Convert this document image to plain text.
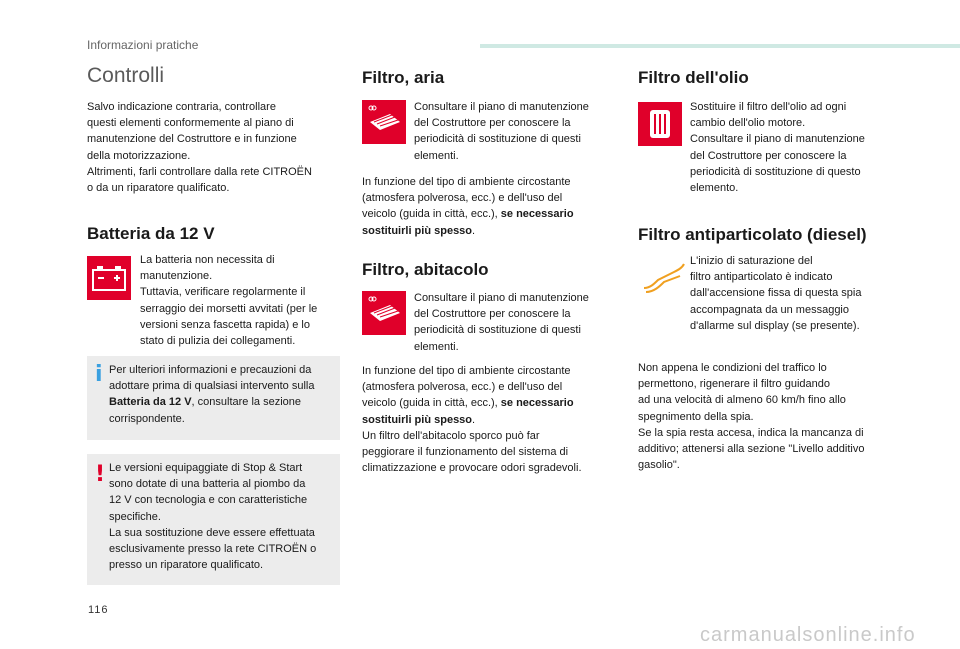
Informazioni pratiche
Controlli
Salvo indicazione contraria, controllare
questi elementi conformemente al piano di
manutenzione del Costruttore e in funzione
della motorizzazione.
Altrimenti, farli controllare dalla rete CITROËN
o da un riparatore qualificato.
Batteria da 12 V
La batteria non necessita di
manutenzione.
Tuttavia, verificare regolarmente il
serraggio dei morsetti avvitati (per le
versioni senza fascetta rapida) e lo
stato di pulizia dei collegamenti.
i Per ulteriori informazioni e precauzioni da
adottare prima di qualsiasi intervento sulla
Batteria da 12 V, consultare la sezione
corrispondente.
! Le versioni equipaggiate di Stop & Start
sono dotate di una batteria al piombo da
12 V con tecnologia e con caratteristiche
specifiche.
La sua sostituzione deve essere effettuata
esclusivamente presso la rete CITROËN o
presso un riparatore qualificato.
Filtro, aria
Consultare il piano di manutenzione
del Costruttore per conoscere la
periodicità di sostituzione di questi
elementi.
In funzione del tipo di ambiente circostante
(atmosfera polverosa, ecc.) e dell'uso del
veicolo (guida in città, ecc.), se necessario
sostituirli più spesso.
Filtro, abitacolo
Consultare il piano di manutenzione
del Costruttore per conoscere la
periodicità di sostituzione di questi
elementi.
In funzione del tipo di ambiente circostante
(atmosfera polverosa, ecc.) e dell'uso del
veicolo (guida in città, ecc.), se necessario
sostituirli più spesso.
Un filtro dell'abitacolo sporco può far
peggiorare il funzionamento del sistema di
climatizzazione e provocare odori sgradevoli.
Filtro dell'olio
Sostituire il filtro dell'olio ad ogni
cambio dell'olio motore.
Consultare il piano di manutenzione
del Costruttore per conoscere la
periodicità di sostituzione di questo
elemento.
Filtro antiparticolato (diesel)
L'inizio di saturazione del
filtro antiparticolato è indicato
dall'accensione fissa di questa spia
accompagnata da un messaggio
d'allarme sul display (se presente).
Non appena le condizioni del traffico lo
permettono, rigenerare il filtro guidando
ad una velocità di almeno 60 km/h fino allo
spegnimento della spia.
Se la spia resta accesa, indica la mancanza di
additivo; attenersi alla sezione "Livello additivo
gasolio".
116
carmanualsonline.info
